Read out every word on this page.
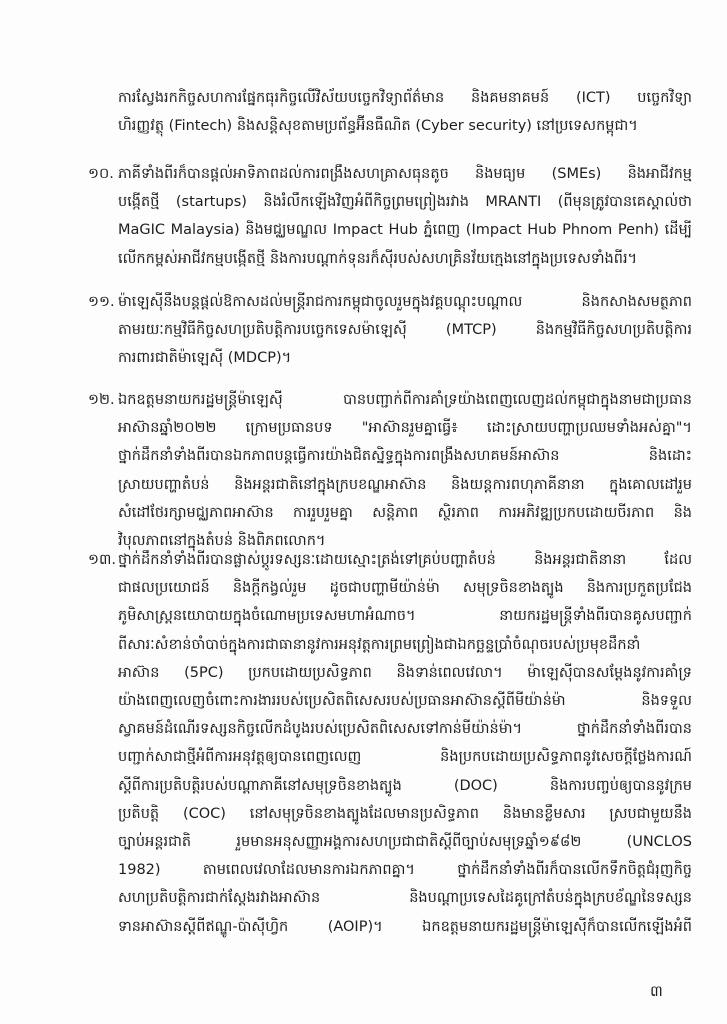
ការស្វែងរកកិច្ចសហការផ្នែកធុរកិច្ចលើវិស័យបច្ចេកវិទ្យាព័ត៌មាន និងគមនាគមន៍ (ICT) បច្ចេកវិទ្យា
ហិរញ្ញវត្ថុ (Fintech) និងសន្តិសុខតាមប្រព័ន្ធអ៊ីនធឺណិត (Cyber security) នៅប្រទេសកម្ពុជា។
១០. ភាគីទាំងពីរក៏បានផ្តល់អាទិភាពដល់ការពង្រឹងសហគ្រាសធុនតូច និងមធ្យម (SMEs) និងអាជីវកម្ម
បង្កើតថ្មី (startups) និងរំលឹកឡើងវិញអំពីកិច្ចព្រមព្រៀងរវាង MRANTI (ពីមុនត្រូវបានគេស្គាល់ថា
MaGIC Malaysia) និងមជ្ឈមណ្ឌល Impact Hub ភ្នំពេញ (Impact Hub Phnom Penh) ដើម្បី
លើកកម្ពស់អាជីវកម្មបង្កើតថ្មី និងការបណ្តាក់ទុនរក៏ស៊ីរបស់សហគ្រិនវ័យក្មេងនៅក្នុងប្រទេសទាំងពីរ។
១១. ម៉ាឡេស៊ីនឹងបន្តផ្តល់ឱកាសដល់មន្ត្រីរាជការកម្ពុជាចូលរួមក្នុងវគ្គបណ្តុះបណ្តាល និងកសាងសមត្ថភាព
តាមរយៈកម្មវិធីកិច្ចសហប្រតិបត្តិការបច្ចេកទេសម៉ាឡេស៊ី (MTCP) និងកម្មវិធីកិច្ចសហប្រតិបត្តិការ
ការពារជាតិម៉ាឡេស៊ី (MDCP)។
១២. ឯកឧត្តមនាយករដ្ឋមន្ត្រីម៉ាឡេស៊ី បានបញ្ជាក់ពីការគាំទ្រយ៉ាងពេញលេញដល់កម្ពុជាក្នុងនាមជាប្រធាន
អាស៊ានឆ្នាំ២០២២ ក្រោមប្រធានបទ "អាស៊ានរួមគ្នាធ្វើ៖ ដោះស្រាយបញ្ហាប្រឈមទាំងអស់គ្នា"។
ថ្នាក់ដឹកនាំទាំងពីរបានឯកភាពបន្តធ្វើការយ៉ាងជិតស្និទ្ធក្នុងការពង្រឹងសហគមន៍អាស៊ាន និងដោះ
ស្រាយបញ្ហាតំបន់ និងអន្តរជាតិនៅក្នុងក្របខណ្ឌអាស៊ាន និងយន្តការពហុភាគីនានា ក្នុងគោលដៅរួម
សំដៅថែរក្សាមជ្ឈភាពអាស៊ាន ការរួបរួមគ្នា សន្តិភាព ស្ថិរភាព ការអភិវឌ្ឍប្រកបដោយចីរភាព និង
វិបុលភាពនៅក្នុងតំបន់ និងពិភពលោក។
១៣. ថ្នាក់ដឹកនាំទាំងពីរបានផ្លាស់ប្តូរទស្សនៈដោយស្មោះត្រង់ទៅគ្រប់បញ្ហាតំបន់ និងអន្តរជាតិនានា ដែល
ជាផលប្រយោជន៍ និងក្តីកង្វល់រួម ដូចជាបញ្ហាមីយ៉ាន់ម៉ា សមុទ្រចិនខាងត្បូង និងការប្រកួតប្រជែង
ភូមិសាស្ត្រនយោបាយក្នុងចំណោមប្រទេសមហាអំណាច។ នាយករដ្ឋមន្ត្រីទាំងពីរបានគូសបញ្ជាក់
ពីសារៈសំខាន់ចាំបាច់ក្នុងការជាធានានូវការអនុវត្តការព្រមព្រៀងជាឯកច្ឆន្ទប្រាំចំណុចរបស់ប្រមុខដឹកនាំ
អាស៊ាន (5PC) ប្រកបដោយប្រសិទ្ធភាព និងទាន់ពេលវេលា។ ម៉ាឡេស៊ីបានសម្តែងនូវការគាំទ្រ
យ៉ាងពេញលេញចំពោះការងាររបស់ប្រេសិតពិសេសរបស់ប្រធានអាស៊ានស្តីពីមីយ៉ាន់ម៉ា និងទទួល
ស្វាគមន៍ដំណើរទស្សនកិច្ចលើកដំបូងរបស់ប្រេសិតពិសេសទៅកាន់មីយ៉ាន់ម៉ា។ ថ្នាក់ដឹកនាំទាំងពីរបាន
បញ្ជាក់សាជាថ្មីអំពីការអនុវត្តឲ្យបានពេញលេញ និងប្រកបដោយប្រសិទ្ធភាពនូវសេចក្តីថ្លែងការណ៍
ស្តីពីការប្រតិបត្តិរបស់បណ្តាភាគីនៅសមុទ្រចិនខាងត្បូង (DOC) និងការបញ្ចប់ឲ្យបាននូវក្រម
ប្រតិបត្តិ (COC) នៅសមុទ្រចិនខាងត្បូងដែលមានប្រសិទ្ធភាព និងមានខ្លឹមសារ ស្របជាមួយនឹង
ច្បាប់អន្តរជាតិ រួមមានអនុសញ្ញាអង្គការសហប្រជាជាតិស្តីពីច្បាប់សមុទ្រឆ្នាំ១៩៨២ (UNCLOS
1982) តាមពេលវេលាដែលមានការឯកភាពគ្នា។ ថ្នាក់ដឹកនាំទាំងពីរក៏បានលើកទឹកចិត្តជំរុញកិច្ច
សហប្រតិបត្តិការជាក់ស្តែងរវាងអាស៊ាន និងបណ្តាប្រទេសដៃគូក្រៅតំបន់ក្នុងក្របខ័ណ្ឌនៃទស្សន
ទានអាស៊ានស្តីពីឥណ្ឌូ-ប៉ាស៊ីហ្វិក (AOIP)។ ឯកឧត្តមនាយករដ្ឋមន្ត្រីម៉ាឡេស៊ីក៏បានលើកឡើងអំពី
៣
